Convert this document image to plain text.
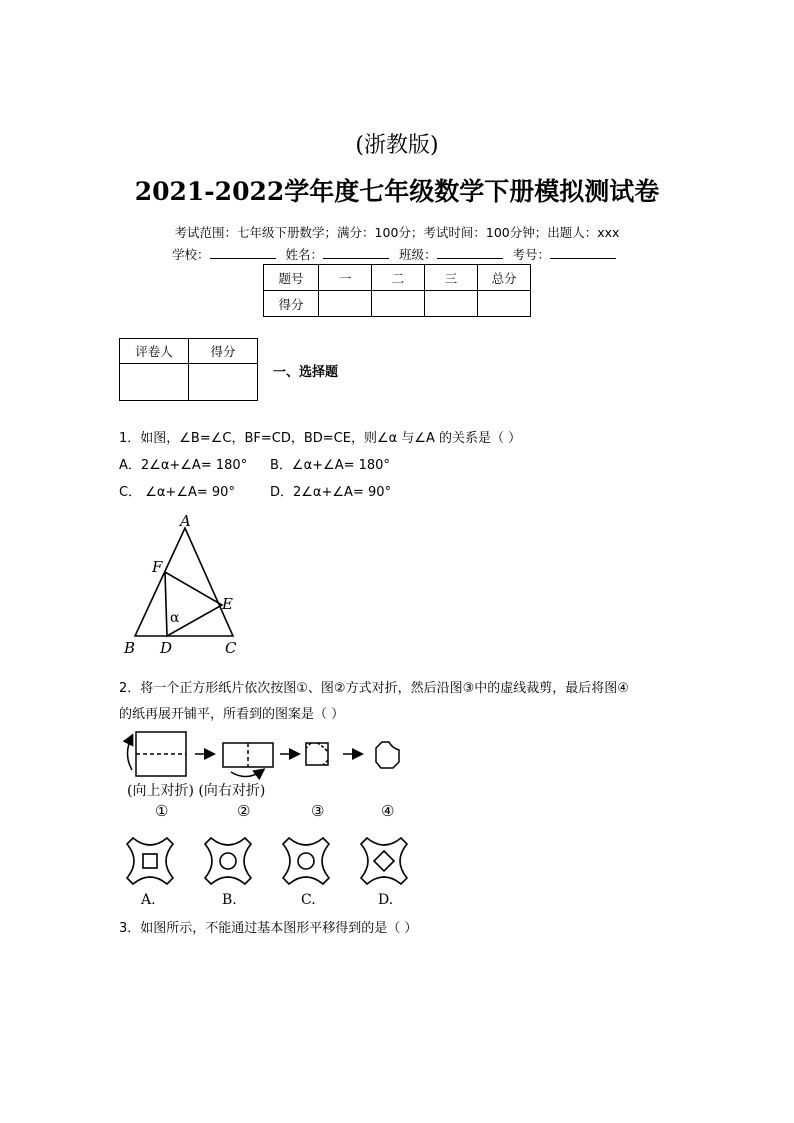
(浙教版)
2021-2022学年度七年级数学下册模拟测试卷
考试范围：七年级下册数学；满分：100分；考试时间：100分钟；出题人：xxx
学校：	姓名：	班级：	考号：
题号	一	二	三	总分
得分				
评卷人	得分

一、选择题
1．如图，∠B=∠C，BF=CD，BD=CE，则∠α 与∠A 的关系是（ ）
A．2∠α+∠A= 180° B．∠α+∠A= 180°
C． ∠α+∠A= 90°	D．2∠α+∠A= 90°
A
B	C
D
E
F
α
2．将一个正方形纸片依次按图①、图②方式对折，然后沿图③中的虚线裁剪，最后将图④
的纸再展开铺平，所看到的图案是（ ）
(向上对折) (向右对折)
①	②	③	④
A.	B.	C.	D.
3．如图所示，不能通过基本图形平移得到的是（ ）
